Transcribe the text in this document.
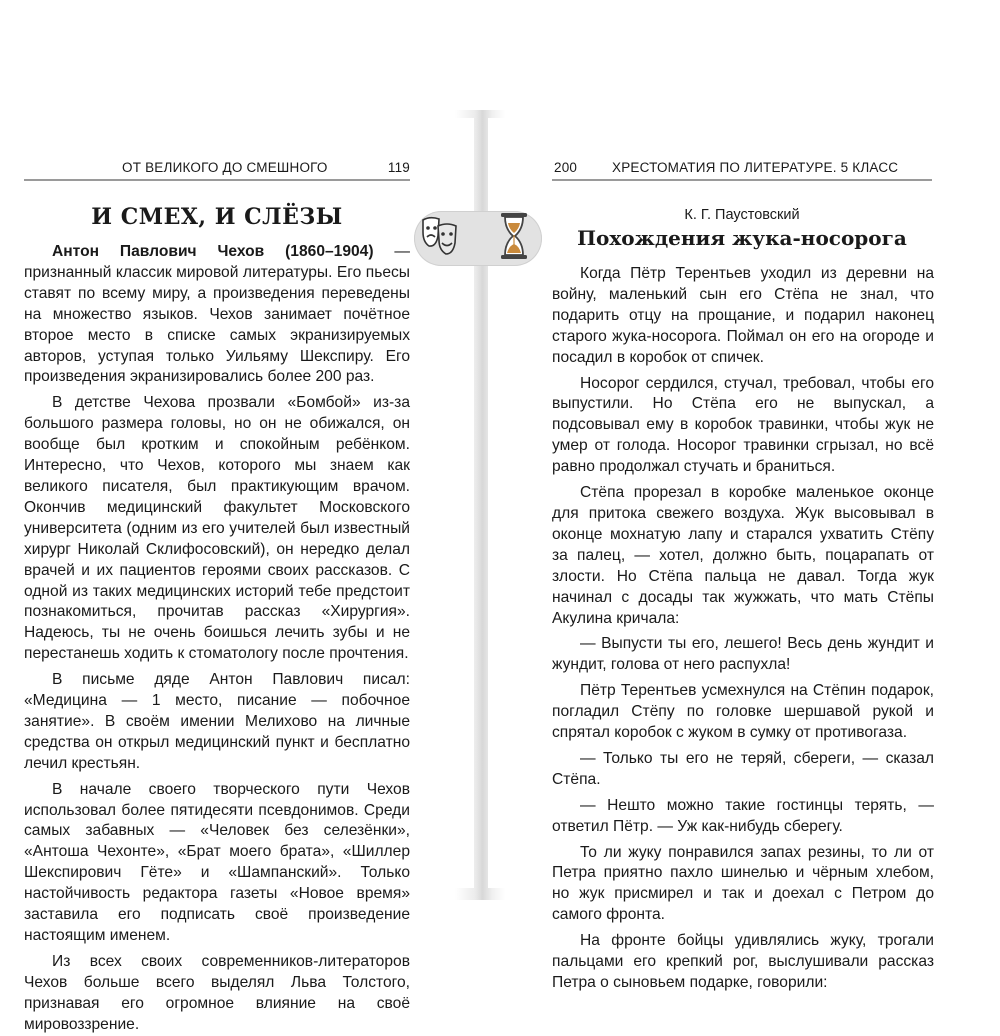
ОТ ВЕЛИКОГО ДО СМЕШНОГО	119
И СМЕХ, И СЛЁЗЫ

Антон Павлович Чехов (1860–1904) — признанный классик мировой литературы. Его пьесы ставят по всему миру, а произведения переведены на множество языков. Чехов занимает почётное второе место в списке самых экранизируемых авторов, уступая только Уильяму Шекспиру. Его произведения экранизировались более 200 раз.

В детстве Чехова прозвали «Бомбой» из-за большого размера головы, но он не обижался, он вообще был кротким и спокойным ребёнком. Интересно, что Чехов, которого мы знаем как великого писателя, был практикующим врачом. Окончив медицинский факультет Московского университета (одним из его учителей был известный хирург Николай Склифосовский), он нередко делал врачей и их пациентов героями своих рассказов. С одной из таких медицинских историй тебе предстоит познакомиться, прочитав рассказ «Хирургия». Надеюсь, ты не очень боишься лечить зубы и не перестанешь ходить к стоматологу после прочтения.

В письме дяде Антон Павлович писал: «Медицина — 1 место, писание — побочное занятие». В своём имении Мелихово на личные средства он открыл медицинский пункт и бесплатно лечил крестьян.

В начале своего творческого пути Чехов использовал более пятидесяти псевдонимов. Среди самых забавных — «Человек без селезёнки», «Антоша Чехонте», «Брат моего брата», «Шиллер Шекспирович Гёте» и «Шампанский». Только настойчивость редактора газеты «Новое время» заставила его подписать своё произведение настоящим именем.

Из всех своих современников-литераторов Чехов больше всего выделял Льва Толстого, признавая его огромное влияние на своё мировоззрение.

200	ХРЕСТОМАТИЯ ПО ЛИТЕРАТУРЕ. 5 КЛАСС
К. Г. Паустовский
Похождения жука-носорога

Когда Пётр Терентьев уходил из деревни на войну, маленький сын его Стёпа не знал, что подарить отцу на прощание, и подарил наконец старого жука-носорога. Поймал он его на огороде и посадил в коробок от спичек.

Носорог сердился, стучал, требовал, чтобы его выпустили. Но Стёпа его не выпускал, а подсовывал ему в коробок травинки, чтобы жук не умер от голода. Носорог травинки сгрызал, но всё равно продолжал стучать и браниться.

Стёпа прорезал в коробке маленькое оконце для притока свежего воздуха. Жук высовывал в оконце мохнатую лапу и старался ухватить Стёпу за палец, — хотел, должно быть, поцарапать от злости. Но Стёпа пальца не давал. Тогда жук начинал с досады так жужжать, что мать Стёпы Акулина кричала:

— Выпусти ты его, лешего! Весь день жундит и жундит, голова от него распухла!

Пётр Терентьев усмехнулся на Стёпин подарок, погладил Стёпу по головке шершавой рукой и спрятал коробок с жуком в сумку от противогаза.

— Только ты его не теряй, сбереги, — сказал Стёпа.

— Нешто можно такие гостинцы терять, — ответил Пётр. — Уж как-нибудь сберегу.

То ли жуку понравился запах резины, то ли от Петра приятно пахло шинелью и чёрным хлебом, но жук присмирел и так и доехал с Петром до самого фронта.

На фронте бойцы удивлялись жуку, трогали пальцами его крепкий рог, выслушивали рассказ Петра о сыновьем подарке, говорили:
